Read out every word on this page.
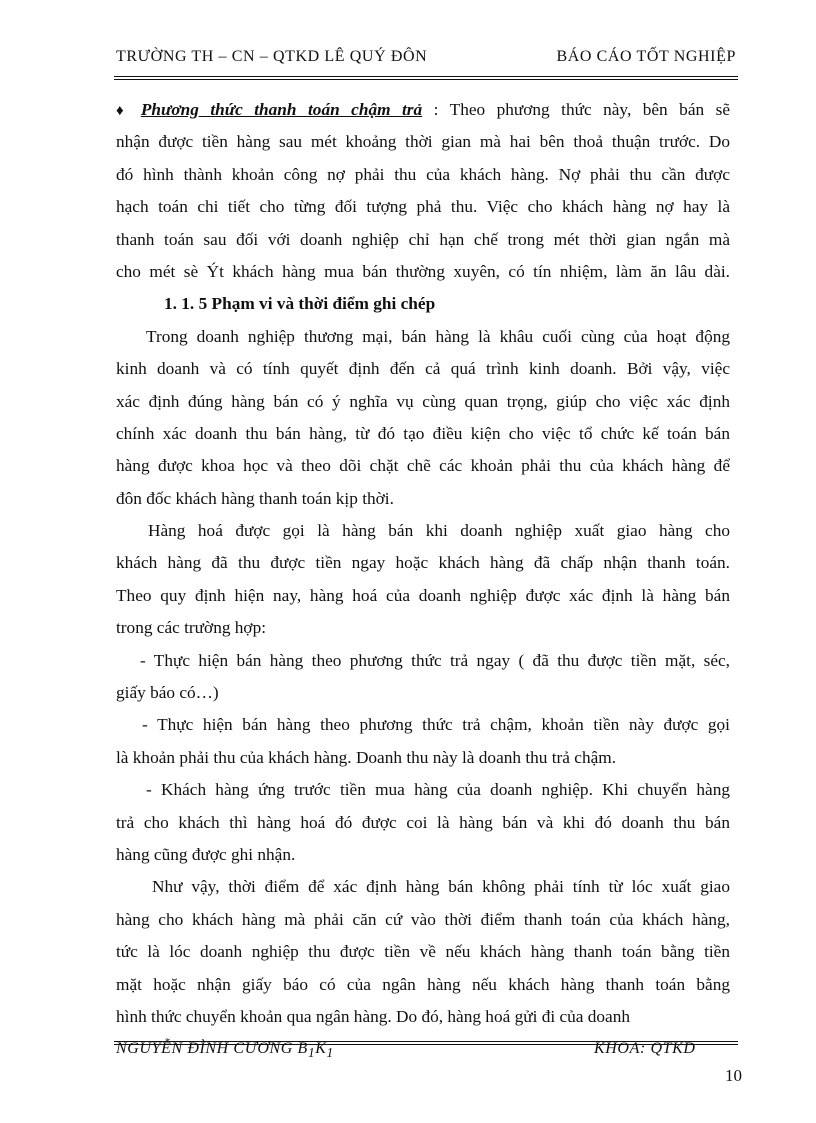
TRƯỜNG TH – CN – QTKD LÊ QUÝ ĐÔN	BÁO CÁO TỐT NGHIỆP
♦ Phương thức thanh toán chậm trả : Theo phương thức này, bên bán sẽ
nhận được tiền hàng sau mét khoảng thời gian mà hai bên thoả thuận trước. Do
đó hình thành khoản công nợ phải thu của khách hàng. Nợ phải thu cần được
hạch toán chi tiết cho từng đối tượng phả thu. Việc cho khách hàng nợ hay là
thanh toán sau đối với doanh nghiệp chỉ hạn chế trong mét thời gian ngắn mà
cho mét sè Ýt khách hàng mua bán thường xuyên, có tín nhiệm, làm ăn lâu dài.
1. 1. 5 Phạm vi và thời điểm ghi chép
Trong doanh nghiệp thương mại, bán hàng là khâu cuối cùng của hoạt động
kinh doanh và có tính quyết định đến cả quá trình kinh doanh. Bởi vậy, việc
xác định đúng hàng bán có ý nghĩa vụ cùng quan trọng, giúp cho việc xác định
chính xác doanh thu bán hàng, từ đó tạo điều kiện cho việc tổ chức kế toán bán
hàng được khoa học và theo dõi chặt chẽ các khoản phải thu của khách hàng để
đôn đốc khách hàng thanh toán kịp thời.
Hàng hoá được gọi là hàng bán khi doanh nghiệp xuất giao hàng cho
khách hàng đã thu được tiền ngay hoặc khách hàng đã chấp nhận thanh toán.
Theo quy định hiện nay, hàng hoá của doanh nghiệp được xác định là hàng bán
trong các trường hợp:
- Thực hiện bán hàng theo phương thức trả ngay ( đã thu được tiền mặt, séc,
giấy báo có…)
- Thực hiện bán hàng theo phương thức trả chậm, khoản tiền này được gọi
là khoản phải thu của khách hàng. Doanh thu này là doanh thu trả chậm.
- Khách hàng ứng trước tiền mua hàng của doanh nghiệp. Khi chuyển hàng
trả cho khách thì hàng hoá đó được coi là hàng bán và khi đó doanh thu bán
hàng cũng được ghi nhận.
Như vậy, thời điểm để xác định hàng bán không phải tính từ lóc xuất giao
hàng cho khách hàng mà phải căn cứ vào thời điểm thanh toán của khách hàng,
tức là lóc doanh nghiệp thu được tiền về nếu khách hàng thanh toán bằng tiền
mặt hoặc nhận giấy báo có của ngân hàng nếu khách hàng thanh toán bằng
hình thức chuyển khoản qua ngân hàng. Do đó, hàng hoá gửi đi của doanh
NGUYỄN ĐÌNH CƯƠNG $B_1K_1$	KHOA: QTKD
10
